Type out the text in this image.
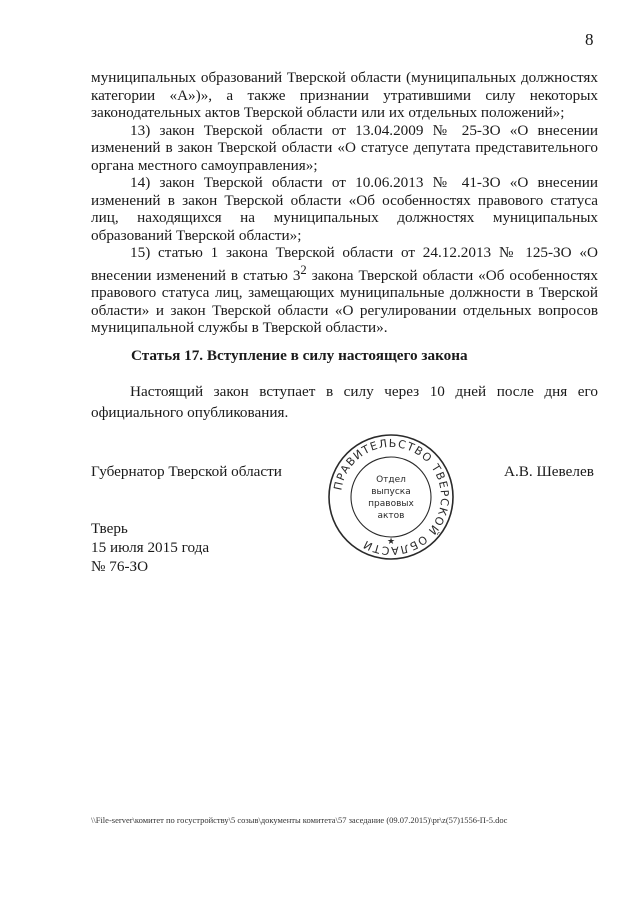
8

муниципальных образований Тверской области (муниципальных должностях категории «А»)», а также признании утратившими силу некоторых законодательных актов Тверской области или их отдельных положений»;

13) закон Тверской области от 13.04.2009 № 25-ЗО «О внесении изменений в закон Тверской области «О статусе депутата представительного органа местного самоуправления»;

14) закон Тверской области от 10.06.2013 № 41-ЗО «О внесении изменений в закон Тверской области «Об особенностях правового статуса лиц, находящихся на муниципальных должностях муниципальных образований Тверской области»;

15) статью 1 закона Тверской области от 24.12.2013 № 125-ЗО «О внесении изменений в статью $3^2$ закона Тверской области «Об особенностях правового статуса лиц, замещающих муниципальные должности в Тверской области» и закон Тверской области «О регулировании отдельных вопросов муниципальной службы в Тверской области».

Статья 17. Вступление в силу настоящего закона
Настоящий закон вступает в силу через 10 дней после дня его официального опубликования.
Губернатор Тверской области	А.В. Шевелев
ПРАВИТЕЛЬСТВО ТВЕРСКОЙ ОБЛАСТИ
Отдел
выпуска
правовых
актов
★
Тверь
15 июля 2015 года
№ 76-ЗО
\\File-server\комитет по госустройству\5 созыв\документы комитета\57 заседание (09.07.2015)\pr\z(57)1556-П-5.doc
